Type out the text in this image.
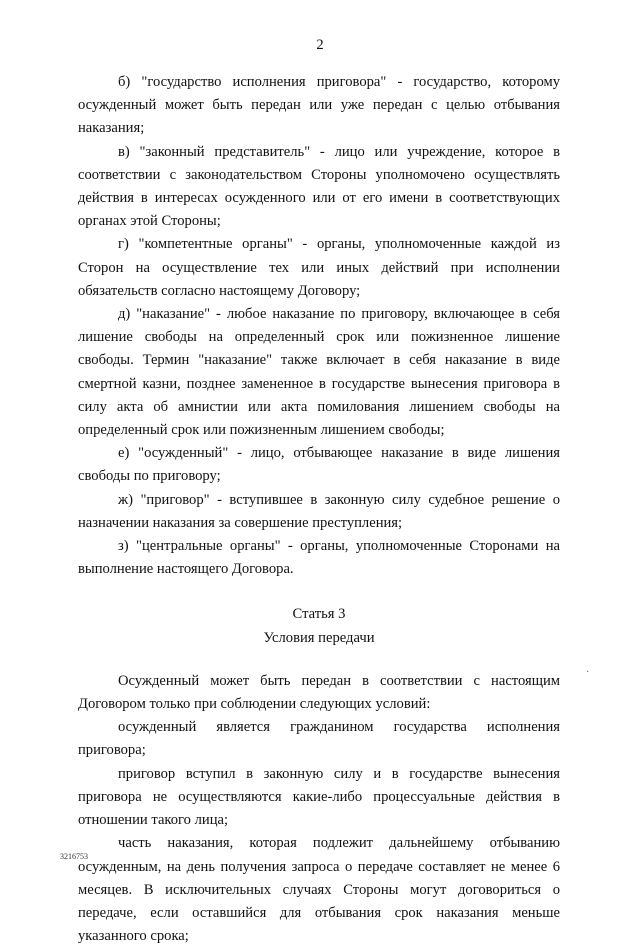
2

б) "государство исполнения приговора" - государство, которому осужденный может быть передан или уже передан с целью отбывания наказания;

в) "законный представитель" - лицо или учреждение, которое в соответствии с законодательством Стороны уполномочено осуществлять действия в интересах осужденного или от его имени в соответствующих органах этой Стороны;

г) "компетентные органы" - органы, уполномоченные каждой из Сторон на осуществление тех или иных действий при исполнении обязательств согласно настоящему Договору;

д) "наказание" - любое наказание по приговору, включающее в себя лишение свободы на определенный срок или пожизненное лишение свободы. Термин "наказание" также включает в себя наказание в виде смертной казни, позднее замененное в государстве вынесения приговора в силу акта об амнистии или акта помилования лишением свободы на определенный срок или пожизненным лишением свободы;

е) "осужденный" - лицо, отбывающее наказание в виде лишения свободы по приговору;

ж) "приговор" - вступившее в законную силу судебное решение о назначении наказания за совершение преступления;

з) "центральные органы" - органы, уполномоченные Сторонами на выполнение настоящего Договора.

Статья 3
Условия передачи

Осужденный может быть передан в соответствии с настоящим Договором только при соблюдении следующих условий:

осужденный является гражданином государства исполнения приговора;

приговор вступил в законную силу и в государстве вынесения приговора не осуществляются какие-либо процессуальные действия в отношении такого лица;

часть наказания, которая подлежит дальнейшему отбыванию осужденным, на день получения запроса о передаче составляет не менее 6 месяцев. В исключительных случаях Стороны могут договориться о передаче, если оставшийся для отбывания срок наказания меньше указанного срока;

·
3216753
